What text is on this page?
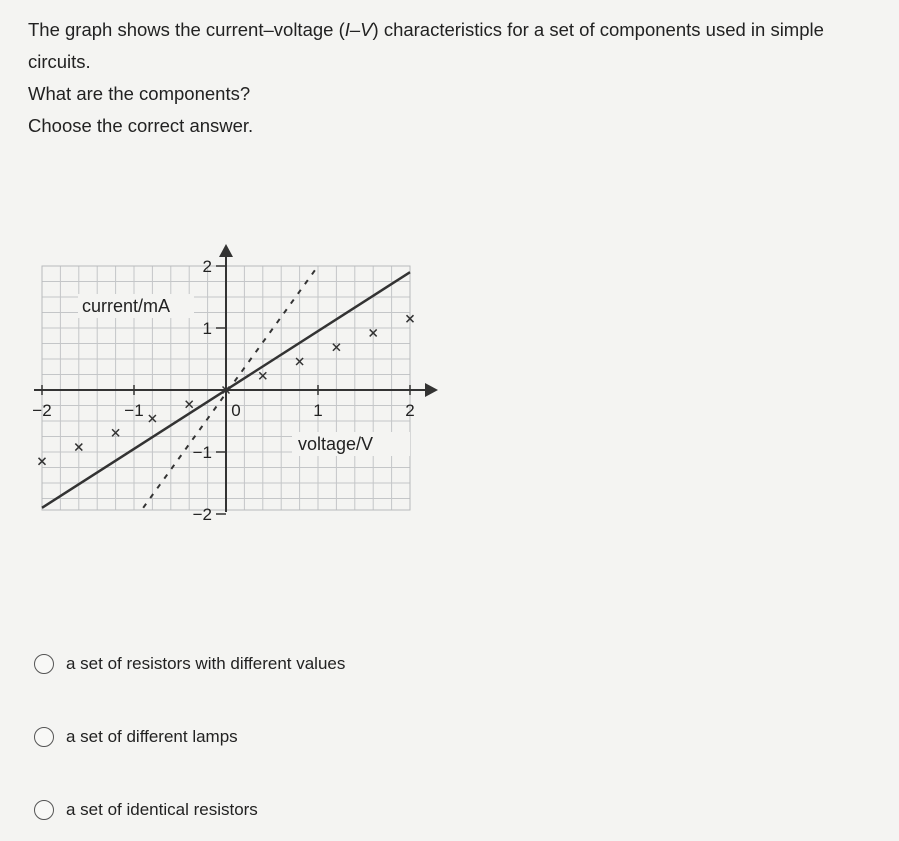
The graph shows the current–voltage (I–V) characteristics for a set of components used in simple circuits.

What are the components?

Choose the correct answer.

−2	−1	0	1	2
2
1
−1
−2
current/mA
voltage/V
a set of resistors with different values
a set of different lamps
a set of identical resistors
